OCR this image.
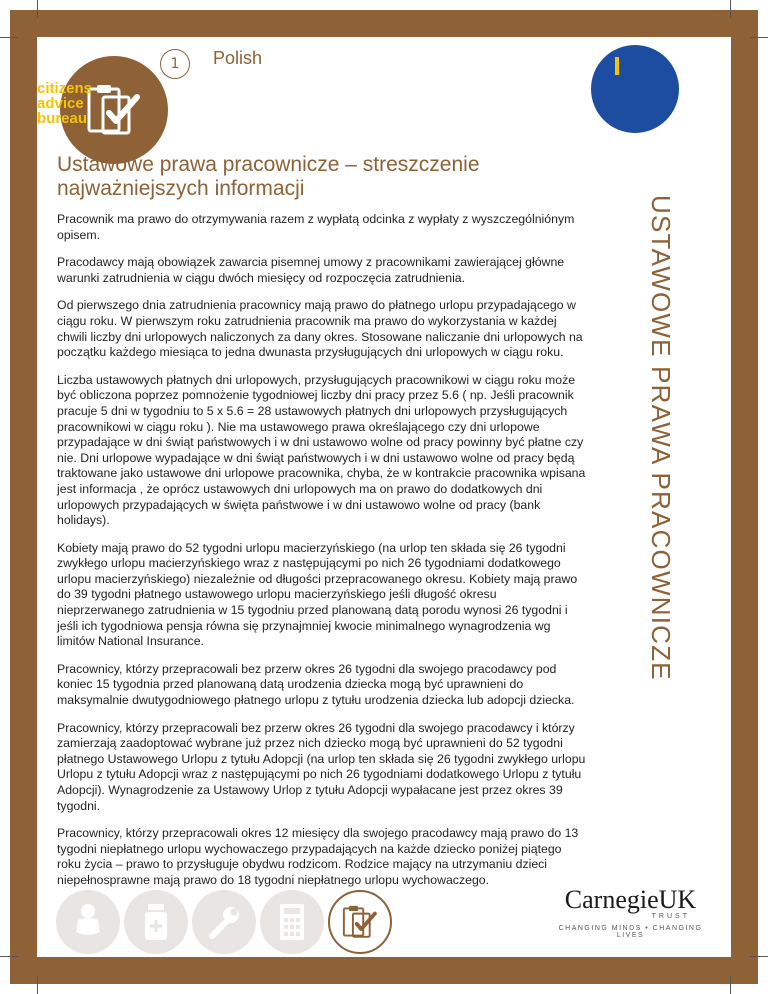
1	Polish
citizens
advice
bureau
Ustawowe prawa pracownicze – streszczenie najważniejszych informacji
USTAWOWE PRAWA PRACOWNICZE

Pracownik ma prawo do otrzymywania razem z wypłatą odcinka z wypłaty z wyszczególniónym opisem.

Pracodawcy mają obowiązek zawarcia pisemnej umowy z pracownikami zawierającej główne warunki zatrudnienia w ciągu dwóch miesięcy od rozpoczęcia zatrudnienia.

Od pierwszego dnia zatrudnienia pracownicy mają prawo do płatnego urlopu przypadającego w ciągu roku. W pierwszym roku zatrudnienia pracownik ma prawo do wykorzystania w każdej chwili liczby dni urlopowych naliczonych za dany okres. Stosowane naliczanie dni urlopowych na początku każdego miesiąca to jedna dwunasta przysługujących dni urlopowych w ciągu roku.

Liczba ustawowych płatnych dni urlopowych, przysługujących pracownikowi w ciągu roku może być obliczona poprzez pomnożenie tygodniowej liczby dni pracy przez 5.6 ( np. Jeśli pracownik pracuje 5 dni w tygodniu to 5 x 5.6 = 28 ustawowych płatnych dni urlopowych przysługujących pracownikowi w ciągu roku ). Nie ma ustawowego prawa określającego czy dni urlopowe przypadające w dni świąt państwowych i w dni ustawowo wolne od pracy powinny być płatne czy nie. Dni urlopowe wypadające w dni świąt państwowych i w dni ustawowo wolne od pracy będą traktowane jako ustawowe dni urlopowe pracownika, chyba, że w kontrakcie pracownika wpisana jest informacja , że oprócz ustawowych dni urlopowych ma on prawo do dodatkowych dni urlopowych przypadających w święta państwowe i w dni ustawowo wolne od pracy (bank holidays).

Kobiety mają prawo do 52 tygodni urlopu macierzyńskiego (na urlop ten składa się 26 tygodni zwykłego urlopu macierzyńskiego wraz z następującymi po nich 26 tygodniami dodatkowego urlopu macierzyńskiego) niezależnie od długości przepracowanego okresu. Kobiety mają prawo do 39 tygodni płatnego ustawowego urlopu macierzyńskiego jeśli długość okresu nieprzerwanego zatrudnienia w 15 tygodniu przed planowaną datą porodu wynosi 26 tygodni i jeśli ich tygodniowa pensja równa się przynajmniej kwocie minimalnego wynagrodzenia wg limitów National Insurance.

Pracownicy, którzy przepracowali bez przerw okres 26 tygodni dla swojego pracodawcy pod koniec 15 tygodnia przed planowaną datą urodzenia dziecka mogą być uprawnieni do maksymalnie dwutygodniowego płatnego urlopu z tytułu urodzenia dziecka lub adopcji dziecka.

Pracownicy, którzy przepracowali bez przerw okres 26 tygodni dla swojego pracodawcy i którzy zamierzają zaadoptować wybrane już przez nich dziecko mogą być uprawnieni do 52 tygodni płatnego Ustawowego Urlopu z tytułu Adopcji (na urlop ten składa się 26 tygodni zwykłego urlopu Urlopu z tytułu Adopcji wraz z następującymi po nich 26 tygodniami dodatkowego Urlopu z tytułu Adopcji). Wynagrodzenie za Ustawowy Urlop z tytułu Adopcji wypałacane jest przez okres 39 tygodni.

Pracownicy, którzy przepracowali okres 12 miesięcy dla swojego pracodawcy mają prawo do 13 tygodni niepłatnego urlopu wychowaczego przypadających na każde dziecko poniżej piątego roku życia – prawo to przysługuje obydwu rodzicom. Rodzice mający na utrzymaniu dzieci niepełnosprawne mają prawo do 18 tygodni niepłatnego urlopu wychowaczego.

CarnegieUK
TRUST
CHANGING MINDS • CHANGING LIVES
